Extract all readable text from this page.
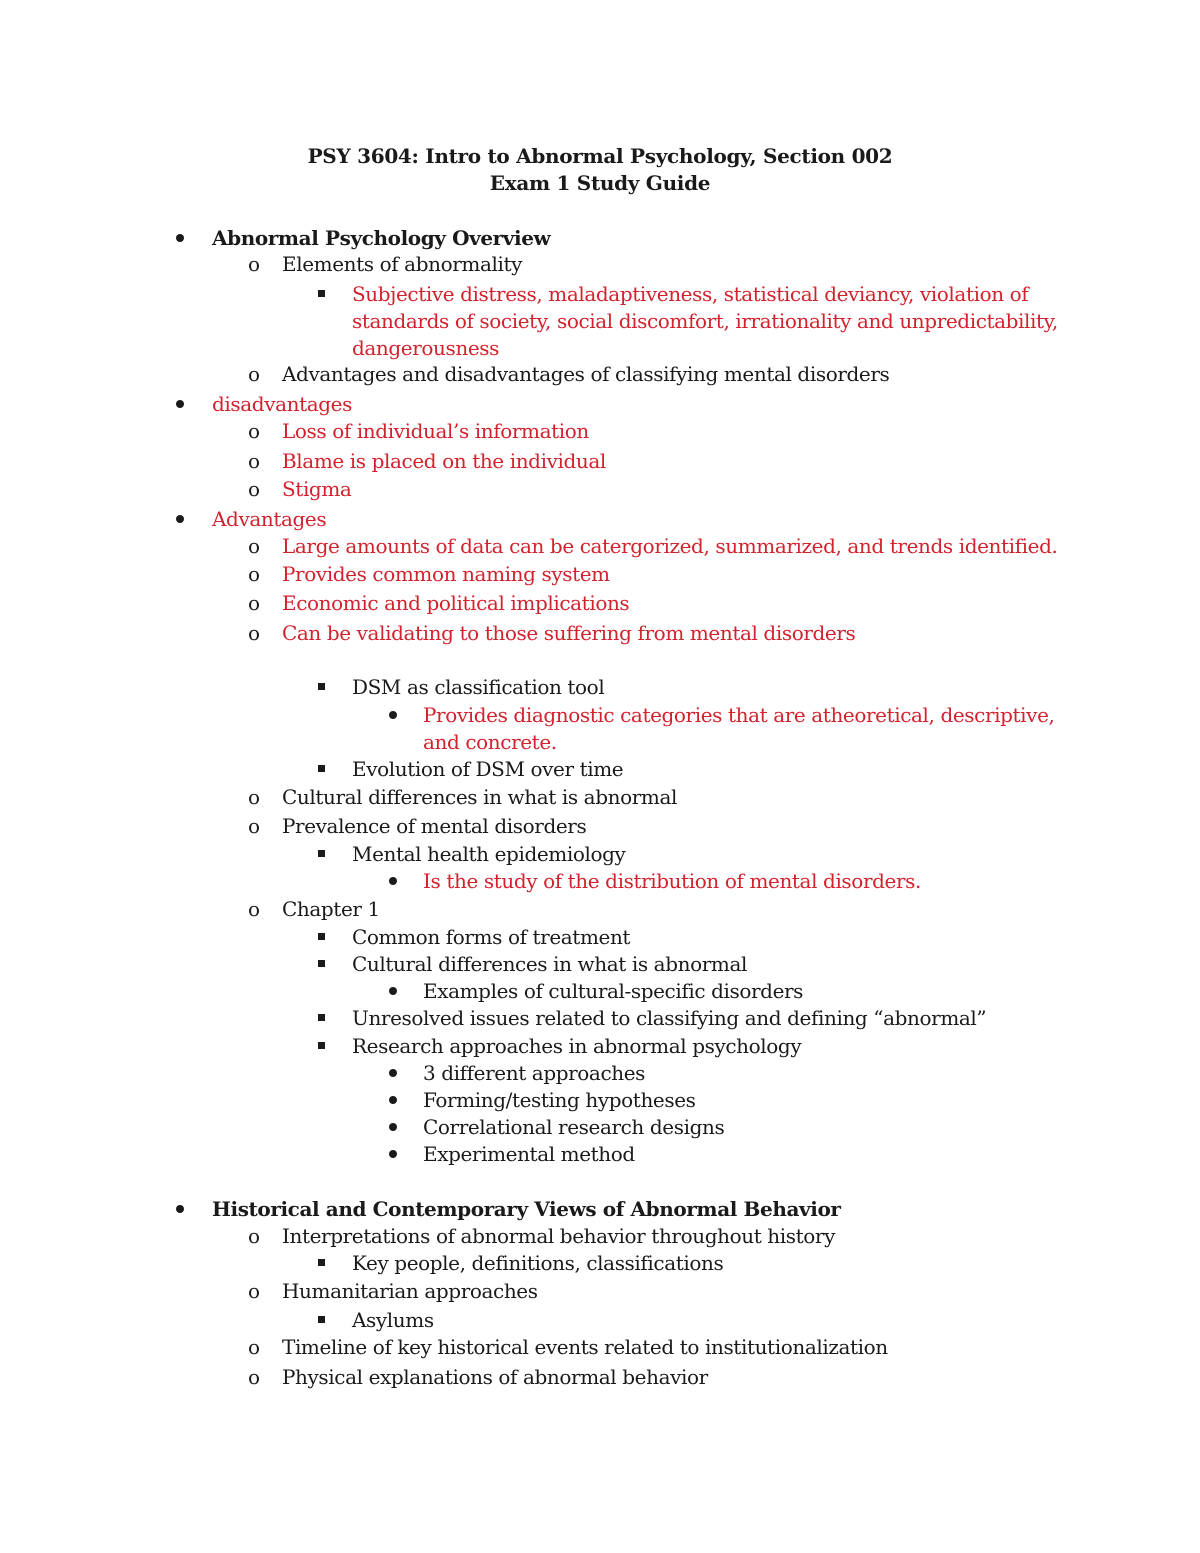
PSY 3604: Intro to Abnormal Psychology, Section 002
Exam 1 Study Guide
Abnormal Psychology Overview
o Elements of abnormality
Subjective distress, maladaptiveness, statistical deviancy, violation of
standards of society, social discomfort, irrationality and unpredictability,
dangerousness
o Advantages and disadvantages of classifying mental disorders
disadvantages
o Loss of individual’s information
o Blame is placed on the individual
o Stigma
Advantages
o Large amounts of data can be catergorized, summarized, and trends identified.
o Provides common naming system
o Economic and political implications
o Can be validating to those suffering from mental disorders
DSM as classification tool
Provides diagnostic categories that are atheoretical, descriptive,
and concrete.
Evolution of DSM over time
o Cultural differences in what is abnormal
o Prevalence of mental disorders
Mental health epidemiology
Is the study of the distribution of mental disorders.
o Chapter 1
Common forms of treatment
Cultural differences in what is abnormal
Examples of cultural-specific disorders
Unresolved issues related to classifying and defining “abnormal”
Research approaches in abnormal psychology
3 different approaches
Forming/testing hypotheses
Correlational research designs
Experimental method
Historical and Contemporary Views of Abnormal Behavior
o Interpretations of abnormal behavior throughout history
Key people, definitions, classifications
o Humanitarian approaches
Asylums
o Timeline of key historical events related to institutionalization
o Physical explanations of abnormal behavior
